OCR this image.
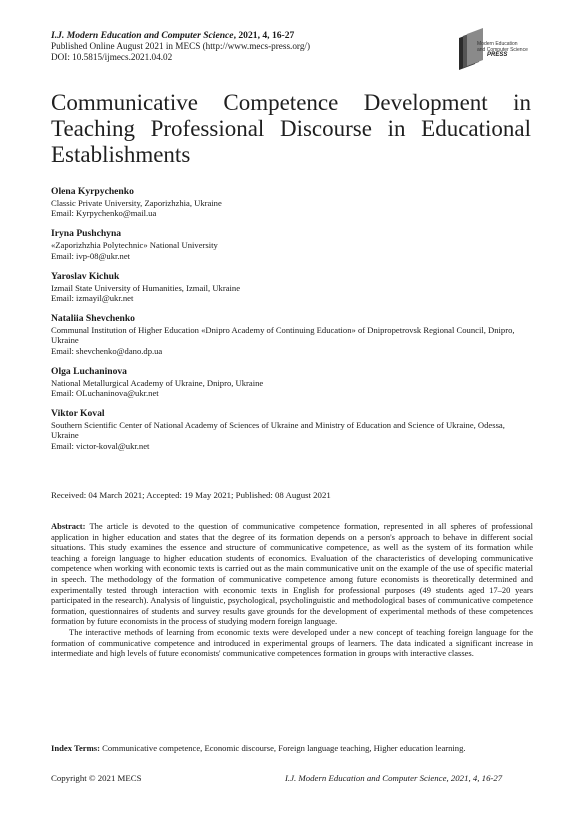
I.J. Modern Education and Computer Science, 2021, 4, 16-27
Published Online August 2021 in MECS (http://www.mecs-press.org/)
DOI: 10.5815/ijmecs.2021.04.02
Modern Education
and Computer Science
PRESS
Communicative Competence Development in Teaching Professional Discourse in Educational Establishments
Olena Kyrpychenko
Classic Private University, Zaporizhzhia, Ukraine
Email: Kyrpychenko@mail.ua
Iryna Pushchyna
«Zaporizhzhia Polytechnic» National University
Email: ivp-08@ukr.net
Yaroslav Kichuk
Izmail State University of Humanities, Izmail, Ukraine
Email: izmayil@ukr.net
Nataliia Shevchenko
Communal Institution of Higher Education «Dnipro Academy of Continuing Education» of Dnipropetrovsk Regional Council, Dnipro, Ukraine
Email: shevchenko@dano.dp.ua
Olga Luchaninova
National Metallurgical Academy of Ukraine, Dnipro, Ukraine
Email: OLuchaninova@ukr.net
Viktor Koval
Southern Scientific Center of National Academy of Sciences of Ukraine and Ministry of Education and Science of Ukraine, Odessa, Ukraine
Email: victor-koval@ukr.net
Received: 04 March 2021; Accepted: 19 May 2021; Published: 08 August 2021

Abstract: The article is devoted to the question of communicative competence formation, represented in all spheres of professional application in higher education and states that the degree of its formation depends on a person's approach to behave in different social situations. This study examines the essence and structure of communicative competence, as well as the system of its formation while teaching a foreign language to higher education students of economics. Evaluation of the characteristics of developing communicative competence when working with economic texts is carried out as the main communicative unit on the example of the use of specific material in speech. The methodology of the formation of communicative competence among future economists is theoretically determined and experimentally tested through interaction with economic texts in English for professional purposes (49 students aged 17–20 years participated in the research). Analysis of linguistic, psychological, psycholinguistic and methodological bases of communicative competence formation, questionnaires of students and survey results gave grounds for the development of experimental methods of these competences formation by future economists in the process of studying modern foreign language.

The interactive methods of learning from economic texts were developed under a new concept of teaching foreign language for the formation of communicative competence and introduced in experimental groups of learners. The data indicated a significant increase in intermediate and high levels of future economists' communicative competences formation in groups with interactive classes.

Index Terms: Communicative competence, Economic discourse, Foreign language teaching, Higher education learning.
Copyright © 2021 MECS	I.J. Modern Education and Computer Science, 2021, 4, 16-27
